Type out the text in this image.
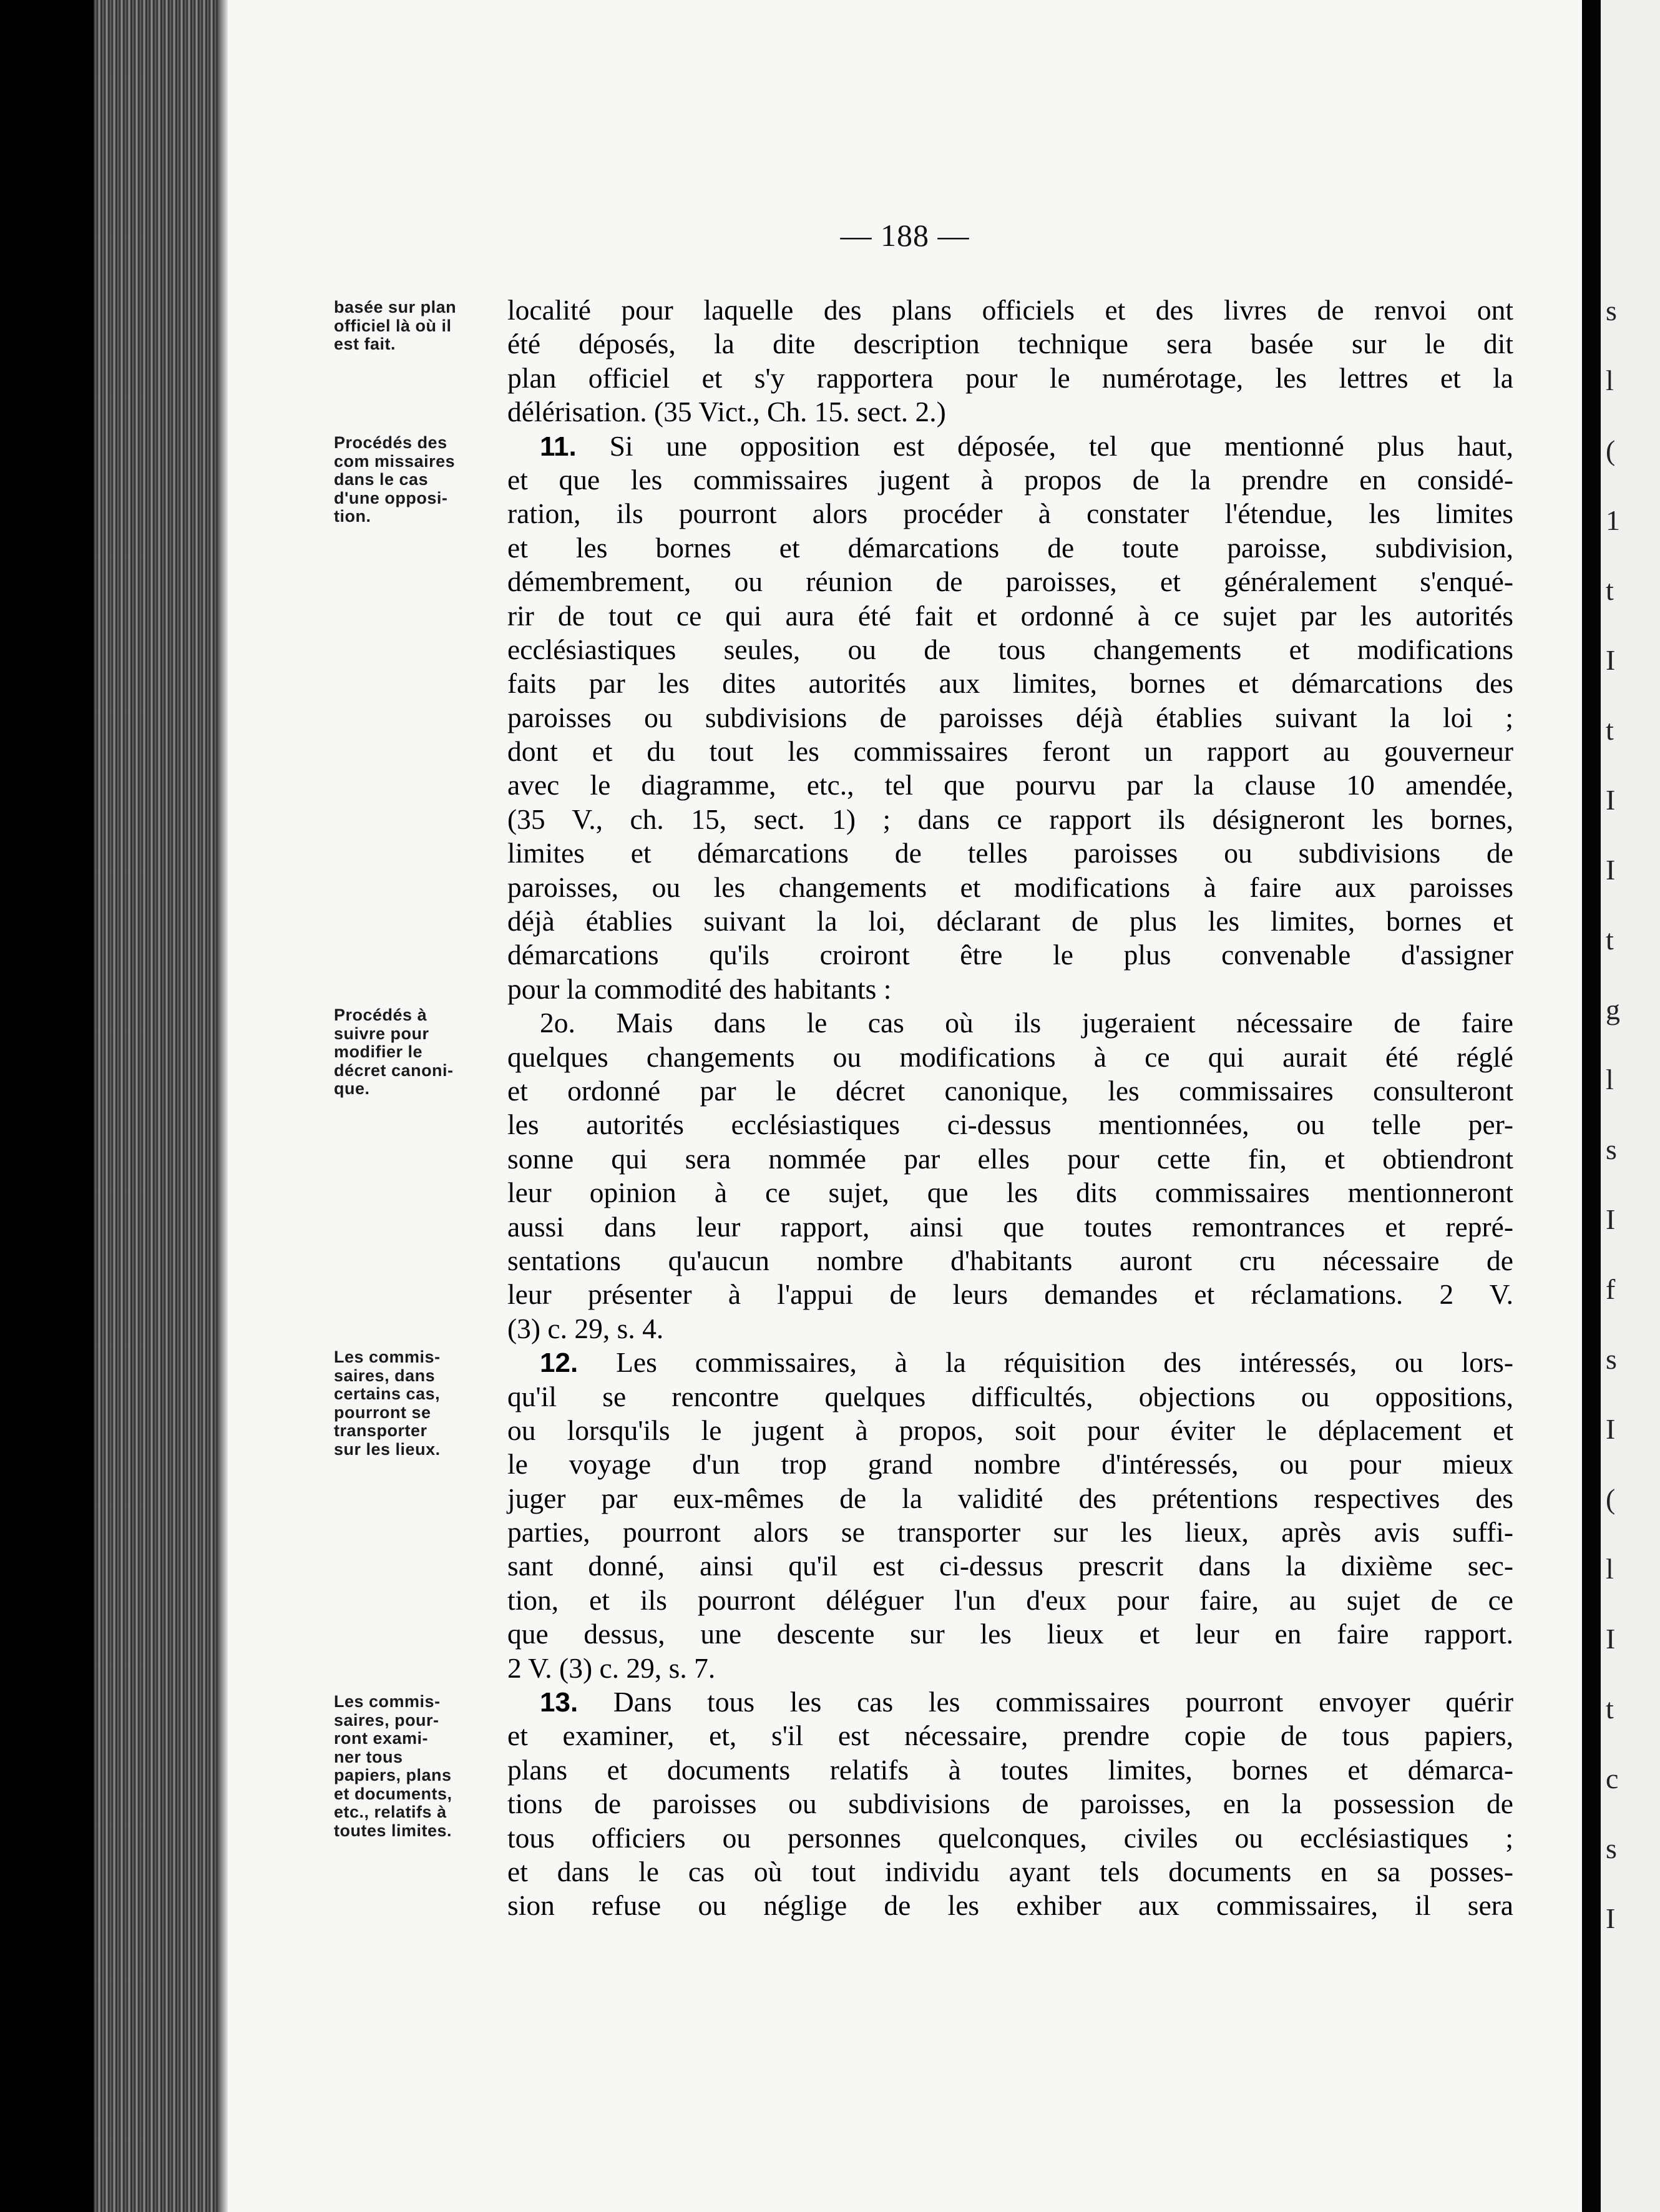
— 188 —
basée sur plan
officiel là où il
est fait.
Procédés des
com missaires
dans le cas
d'une opposi-
tion.
Procédés à
suivre pour
modifier le
décret canoni-
que.
Les commis-
saires, dans
certains cas,
pourront se
transporter
sur les lieux.
Les commis-
saires, pour-
ront exami-
ner tous
papiers, plans
et documents,
etc., relatifs à
toutes limites.
localité pour laquelle des plans officiels et des livres de renvoi ont
été déposés, la dite description technique sera basée sur le dit
plan officiel et s'y rapportera pour le numérotage, les lettres et la
délérisation. (35 Vict., Ch. 15. sect. 2.)
11. Si une opposition est déposée, tel que mentionné plus haut,
et que les commissaires jugent à propos de la prendre en considé-
ration, ils pourront alors procéder à constater l'étendue, les limites
et les bornes et démarcations de toute paroisse, subdivision,
démembrement, ou réunion de paroisses, et généralement s'enqué-
rir de tout ce qui aura été fait et ordonné à ce sujet par les autorités
ecclésiastiques seules, ou de tous changements et modifications
faits par les dites autorités aux limites, bornes et démarcations des
paroisses ou subdivisions de paroisses déjà établies suivant la loi ;
dont et du tout les commissaires feront un rapport au gouverneur
avec le diagramme, etc., tel que pourvu par la clause 10 amendée,
(35 V., ch. 15, sect. 1) ; dans ce rapport ils désigneront les bornes,
limites et démarcations de telles paroisses ou subdivisions de
paroisses, ou les changements et modifications à faire aux paroisses
déjà établies suivant la loi, déclarant de plus les limites, bornes et
démarcations qu'ils croiront être le plus convenable d'assigner
pour la commodité des habitants :
2o. Mais dans le cas où ils jugeraient nécessaire de faire
quelques changements ou modifications à ce qui aurait été réglé
et ordonné par le décret canonique, les commissaires consulteront
les autorités ecclésiastiques ci-dessus mentionnées, ou telle per-
sonne qui sera nommée par elles pour cette fin, et obtiendront
leur opinion à ce sujet, que les dits commissaires mentionneront
aussi dans leur rapport, ainsi que toutes remontrances et repré-
sentations qu'aucun nombre d'habitants auront cru nécessaire de
leur présenter à l'appui de leurs demandes et réclamations. 2 V.
(3) c. 29, s. 4.
12. Les commissaires, à la réquisition des intéressés, ou lors-
qu'il se rencontre quelques difficultés, objections ou oppositions,
ou lorsqu'ils le jugent à propos, soit pour éviter le déplacement et
le voyage d'un trop grand nombre d'intéressés, ou pour mieux
juger par eux-mêmes de la validité des prétentions respectives des
parties, pourront alors se transporter sur les lieux, après avis suffi-
sant donné, ainsi qu'il est ci-dessus prescrit dans la dixième sec-
tion, et ils pourront déléguer l'un d'eux pour faire, au sujet de ce
que dessus, une descente sur les lieux et leur en faire rapport.
2 V. (3) c. 29, s. 7.
13. Dans tous les cas les commissaires pourront envoyer quérir
et examiner, et, s'il est nécessaire, prendre copie de tous papiers,
plans et documents relatifs à toutes limites, bornes et démarca-
tions de paroisses ou subdivisions de paroisses, en la possession de
tous officiers ou personnes quelconques, civiles ou ecclésiastiques ;
et dans le cas où tout individu ayant tels documents en sa posses-
sion refuse ou néglige de les exhiber aux commissaires, il sera
s
l
(
1
t
I
t
I
I
t
g
l
s
I
f
s
I
(
l
I
t
c
s
I
